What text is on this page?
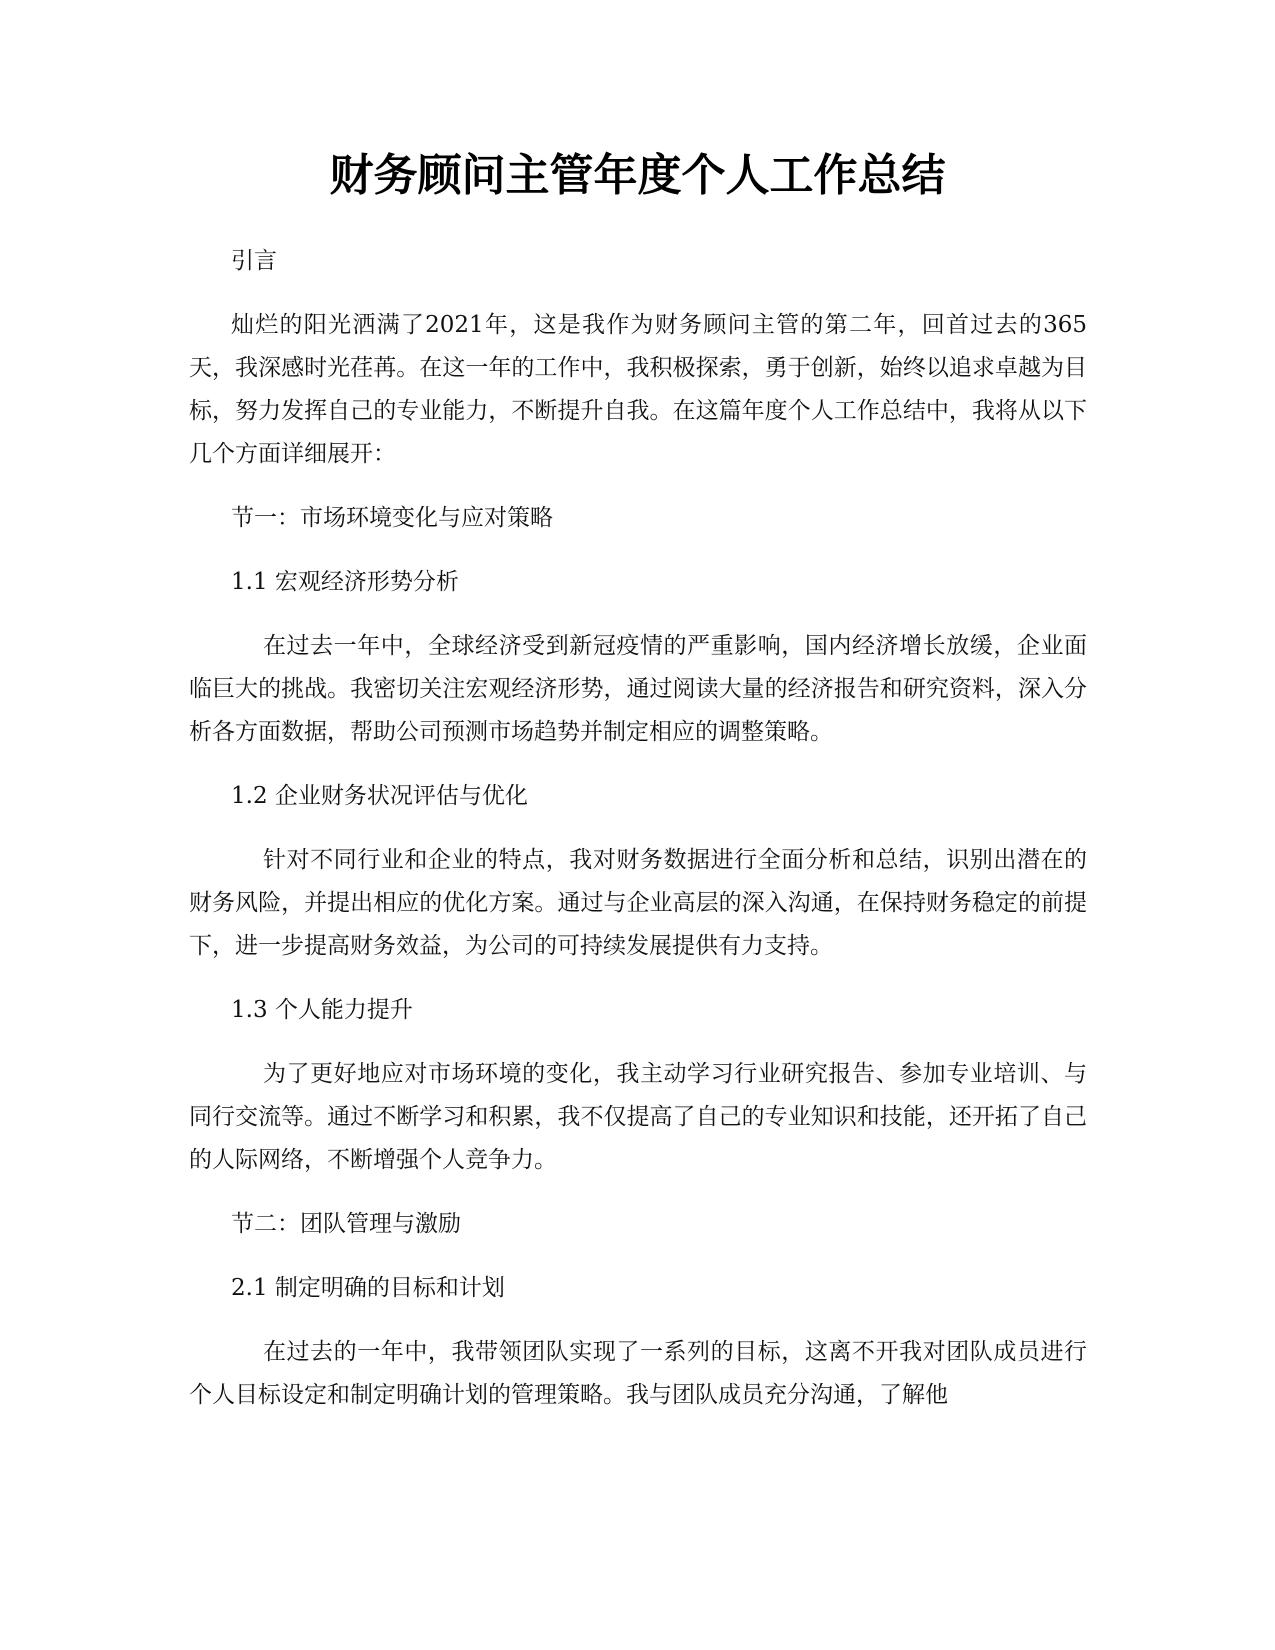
财务顾问主管年度个人工作总结

引言

灿烂的阳光洒满了2021年，这是我作为财务顾问主管的第二年，回首过去的365天，我深感时光荏苒。在这一年的工作中，我积极探索，勇于创新，始终以追求卓越为目标，努力发挥自己的专业能力，不断提升自我。在这篇年度个人工作总结中，我将从以下几个方面详细展开：

节一：市场环境变化与应对策略

1.1 宏观经济形势分析

在过去一年中，全球经济受到新冠疫情的严重影响，国内经济增长放缓，企业面临巨大的挑战。我密切关注宏观经济形势，通过阅读大量的经济报告和研究资料，深入分析各方面数据，帮助公司预测市场趋势并制定相应的调整策略。

1.2 企业财务状况评估与优化

针对不同行业和企业的特点，我对财务数据进行全面分析和总结，识别出潜在的财务风险，并提出相应的优化方案。通过与企业高层的深入沟通，在保持财务稳定的前提下，进一步提高财务效益，为公司的可持续发展提供有力支持。

1.3 个人能力提升

为了更好地应对市场环境的变化，我主动学习行业研究报告、参加专业培训、与同行交流等。通过不断学习和积累，我不仅提高了自己的专业知识和技能，还开拓了自己的人际网络，不断增强个人竞争力。

节二：团队管理与激励

2.1 制定明确的目标和计划

在过去的一年中，我带领团队实现了一系列的目标，这离不开我对团队成员进行个人目标设定和制定明确计划的管理策略。我与团队成员充分沟通，了解他
